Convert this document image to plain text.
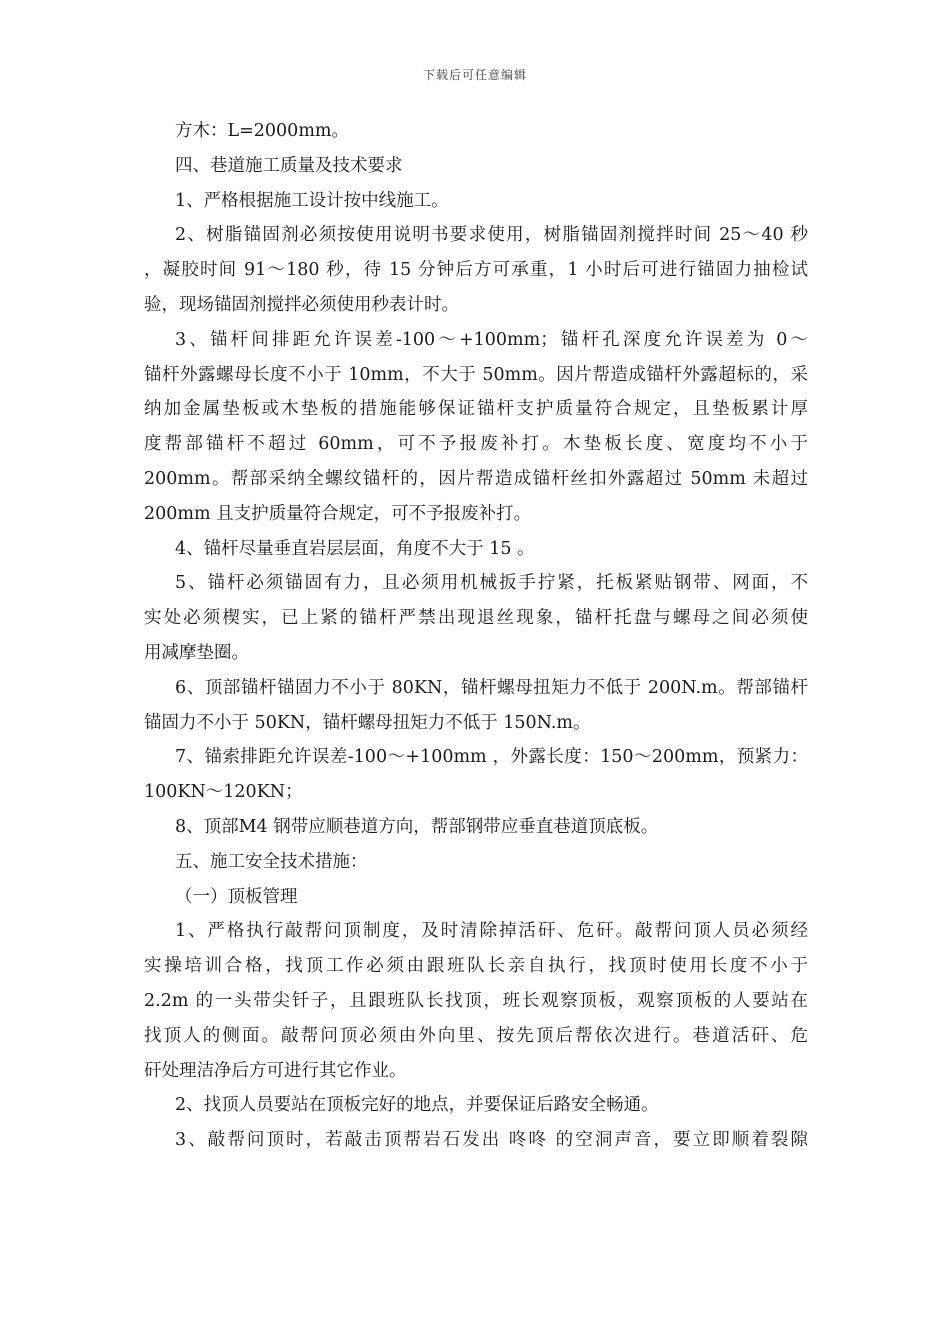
下载后可任意编辑
方木：L=2000mm。
四、巷道施工质量及技术要求
1、严格根据施工设计按中线施工。
2、树脂锚固剂必须按使用说明书要求使用，树脂锚固剂搅拌时间 25～40 秒
，凝胶时间 91～180 秒，待 15 分钟后方可承重，1 小时后可进行锚固力抽检试
验，现场锚固剂搅拌必须使用秒表计时。
3、锚杆间排距允许误差-100～+100mm；锚杆孔深度允许误差为 0～
锚杆外露螺母长度不小于 10mm，不大于 50mm。因片帮造成锚杆外露超标的，采
纳加金属垫板或木垫板的措施能够保证锚杆支护质量符合规定，且垫板累计厚
度帮部锚杆不超过 60mm，可不予报废补打。木垫板长度、宽度均不小于
200mm。帮部采纳全螺纹锚杆的，因片帮造成锚杆丝扣外露超过 50mm 未超过
200mm 且支护质量符合规定，可不予报废补打。
4、锚杆尽量垂直岩层层面，角度不大于 15 。
5、锚杆必须锚固有力，且必须用机械扳手拧紧，托板紧贴钢带、网面，不
实处必须楔实，已上紧的锚杆严禁出现退丝现象，锚杆托盘与螺母之间必须使
用减摩垫圈。
6、顶部锚杆锚固力不小于 80KN，锚杆螺母扭矩力不低于 200N.m。帮部锚杆
锚固力不小于 50KN，锚杆螺母扭矩力不低于 150N.m。
7、锚索排距允许误差-100～+100mm ，外露长度：150～200mm，预紧力：
100KN～120KN；
8、顶部M4 钢带应顺巷道方向，帮部钢带应垂直巷道顶底板。
五、施工安全技术措施：
（一）顶板管理
1、严格执行敲帮问顶制度，及时清除掉活矸、危矸。敲帮问顶人员必须经
实操培训合格，找顶工作必须由跟班队长亲自执行，找顶时使用长度不小于
2.2m 的一头带尖钎子，且跟班队长找顶，班长观察顶板，观察顶板的人要站在
找顶人的侧面。敲帮问顶必须由外向里、按先顶后帮依次进行。巷道活矸、危
矸处理洁净后方可进行其它作业。
2、找顶人员要站在顶板完好的地点，并要保证后路安全畅通。
3、敲帮问顶时，若敲击顶帮岩石发出 咚咚 的空洞声音，要立即顺着裂隙
